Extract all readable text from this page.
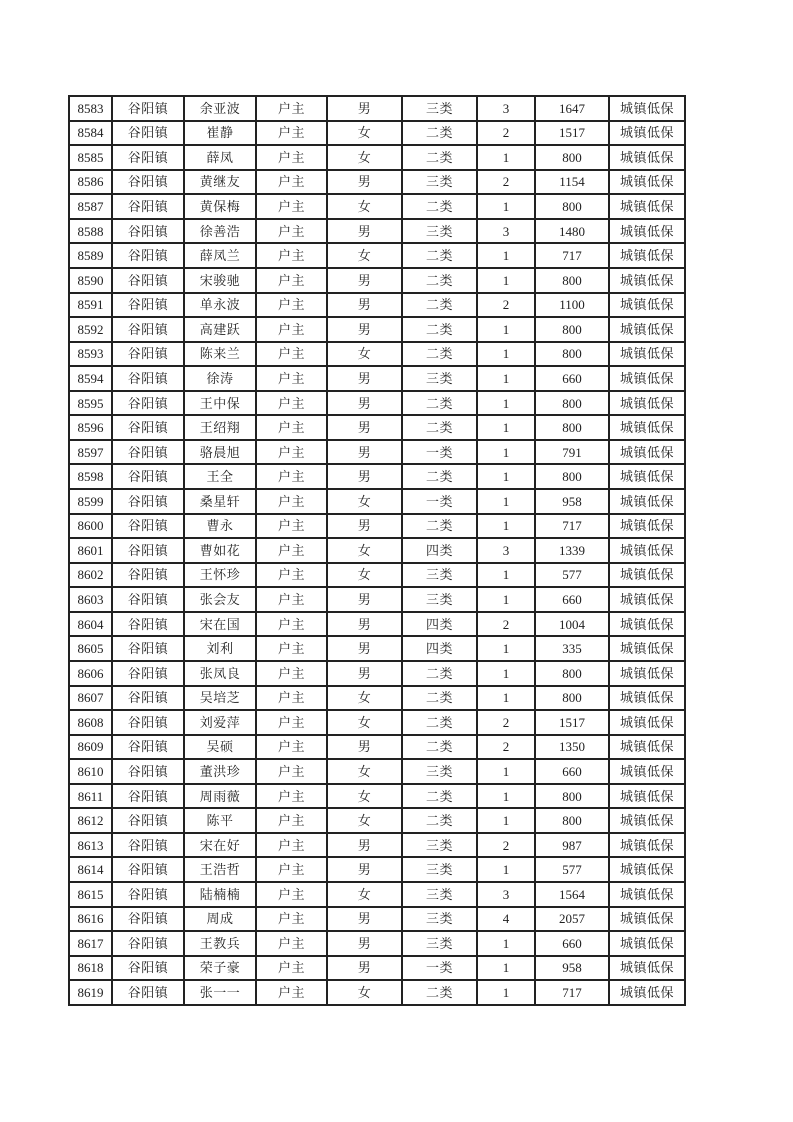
8583	谷阳镇	余亚波	户主	男	三类	3	1647	城镇低保
8584	谷阳镇	崔静	户主	女	二类	2	1517	城镇低保
8585	谷阳镇	薛凤	户主	女	二类	1	800	城镇低保
8586	谷阳镇	黄继友	户主	男	三类	2	1154	城镇低保
8587	谷阳镇	黄保梅	户主	女	二类	1	800	城镇低保
8588	谷阳镇	徐善浩	户主	男	三类	3	1480	城镇低保
8589	谷阳镇	薛凤兰	户主	女	二类	1	717	城镇低保
8590	谷阳镇	宋骏驰	户主	男	二类	1	800	城镇低保
8591	谷阳镇	单永波	户主	男	二类	2	1100	城镇低保
8592	谷阳镇	高建跃	户主	男	二类	1	800	城镇低保
8593	谷阳镇	陈来兰	户主	女	二类	1	800	城镇低保
8594	谷阳镇	徐涛	户主	男	三类	1	660	城镇低保
8595	谷阳镇	王中保	户主	男	二类	1	800	城镇低保
8596	谷阳镇	王绍翔	户主	男	二类	1	800	城镇低保
8597	谷阳镇	骆晨旭	户主	男	一类	1	791	城镇低保
8598	谷阳镇	王全	户主	男	二类	1	800	城镇低保
8599	谷阳镇	桑星轩	户主	女	一类	1	958	城镇低保
8600	谷阳镇	曹永	户主	男	二类	1	717	城镇低保
8601	谷阳镇	曹如花	户主	女	四类	3	1339	城镇低保
8602	谷阳镇	王怀珍	户主	女	三类	1	577	城镇低保
8603	谷阳镇	张会友	户主	男	三类	1	660	城镇低保
8604	谷阳镇	宋在国	户主	男	四类	2	1004	城镇低保
8605	谷阳镇	刘利	户主	男	四类	1	335	城镇低保
8606	谷阳镇	张凤良	户主	男	二类	1	800	城镇低保
8607	谷阳镇	吴培芝	户主	女	二类	1	800	城镇低保
8608	谷阳镇	刘爱萍	户主	女	二类	2	1517	城镇低保
8609	谷阳镇	吴硕	户主	男	二类	2	1350	城镇低保
8610	谷阳镇	董洪珍	户主	女	三类	1	660	城镇低保
8611	谷阳镇	周雨薇	户主	女	二类	1	800	城镇低保
8612	谷阳镇	陈平	户主	女	二类	1	800	城镇低保
8613	谷阳镇	宋在好	户主	男	三类	2	987	城镇低保
8614	谷阳镇	王浩哲	户主	男	三类	1	577	城镇低保
8615	谷阳镇	陆楠楠	户主	女	三类	3	1564	城镇低保
8616	谷阳镇	周成	户主	男	三类	4	2057	城镇低保
8617	谷阳镇	王教兵	户主	男	三类	1	660	城镇低保
8618	谷阳镇	荣子豪	户主	男	一类	1	958	城镇低保
8619	谷阳镇	张一一	户主	女	二类	1	717	城镇低保
